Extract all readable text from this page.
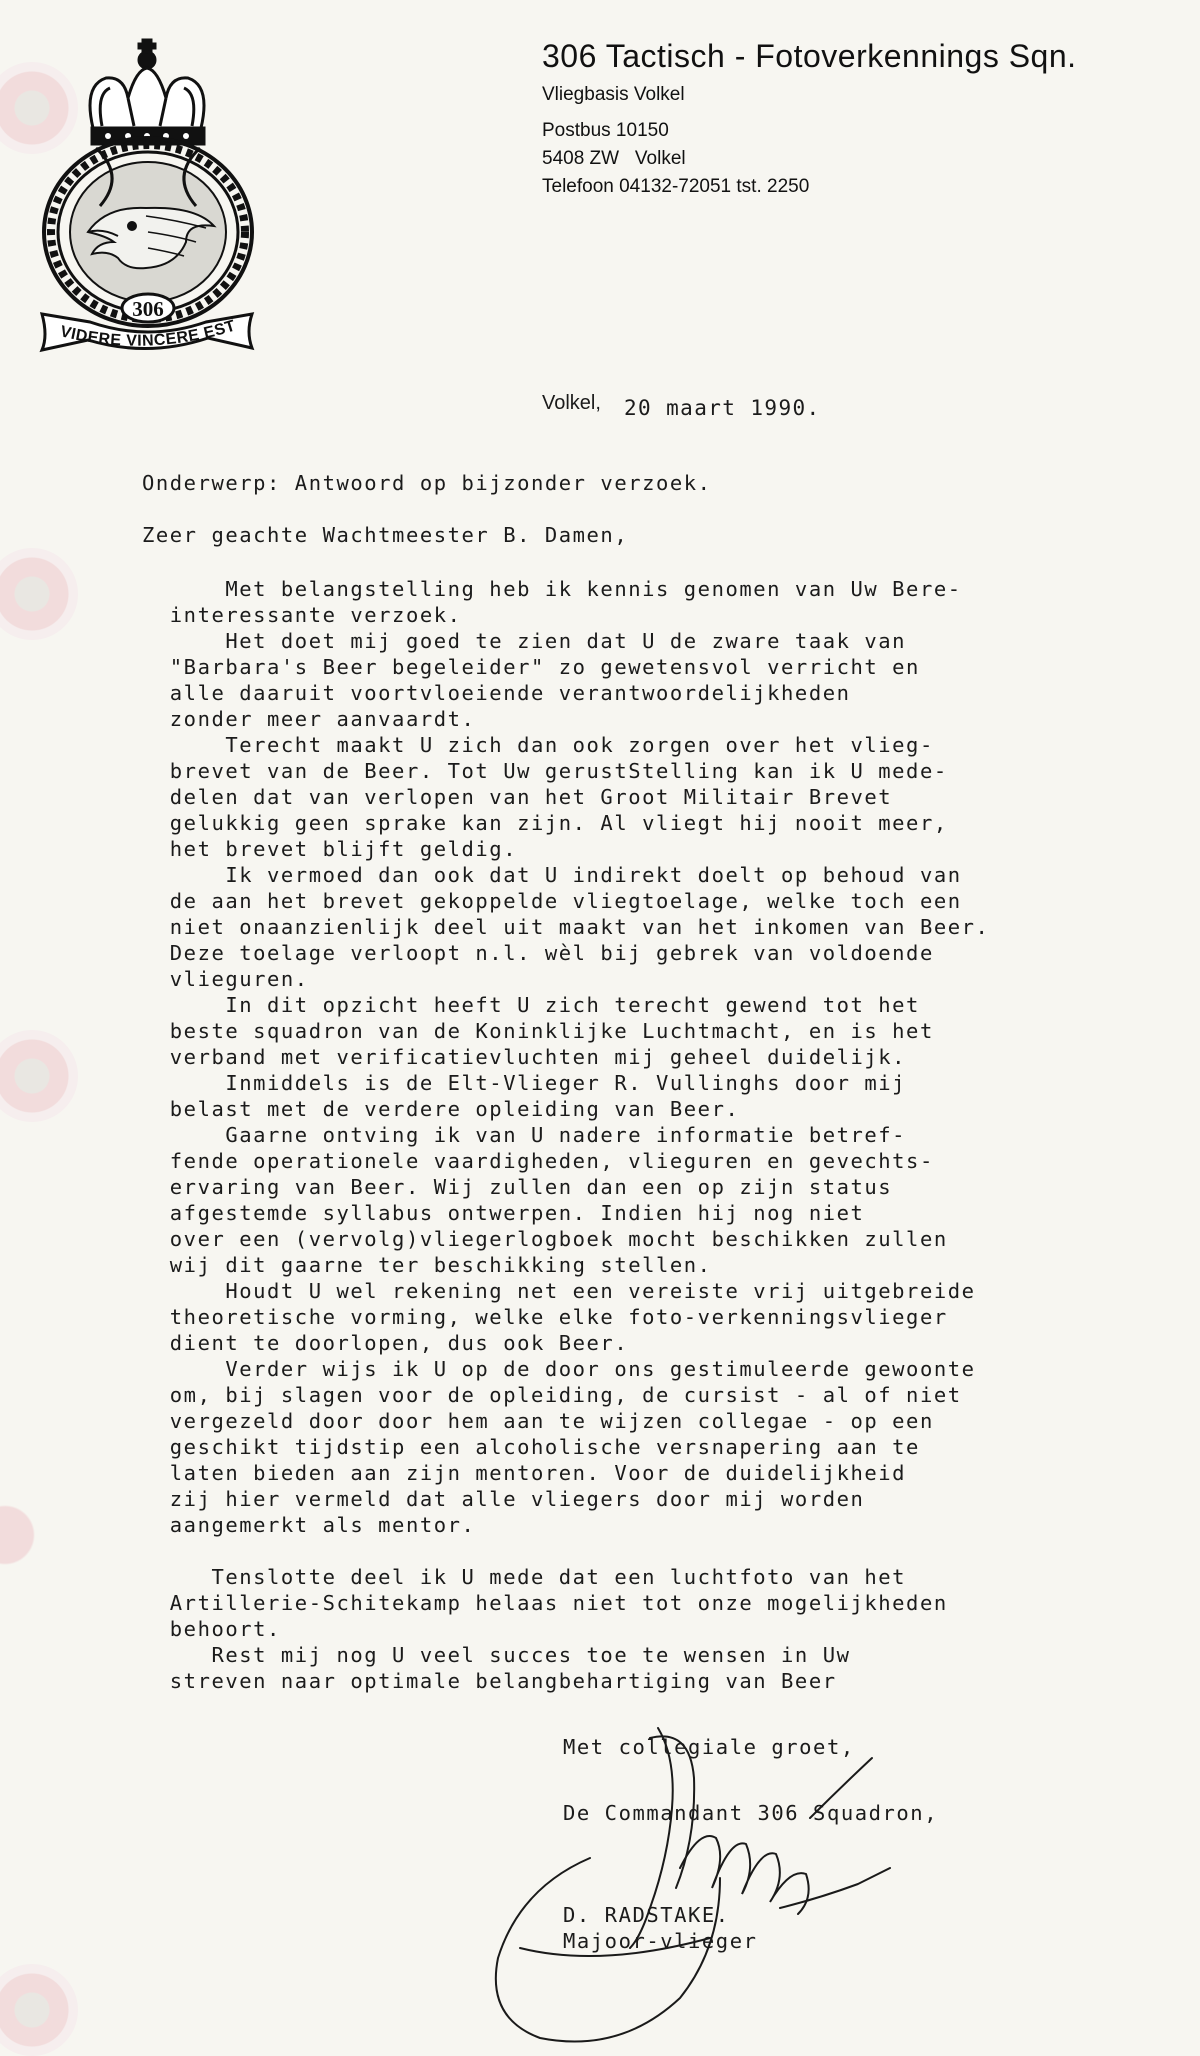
306
VIDERE VINCERE EST
306 Tactisch - Fotoverkennings Sqn.
Vliegbasis Volkel
Postbus 10150
5408 ZW   Volkel
Telefoon 04132-72051 tst. 2250
Volkel, 20 maart 1990.
Onderwerp: Antwoord op bijzonder verzoek.
Zeer geachte Wachtmeester B. Damen,
Met belangstelling heb ik kennis genomen van Uw Bere-
interessante verzoek.
Het doet mij goed te zien dat U de zware taak van
"Barbara's Beer begeleider" zo gewetensvol verricht en
alle daaruit voortvloeiende verantwoordelijkheden
zonder meer aanvaardt.
Terecht maakt U zich dan ook zorgen over het vlieg-
brevet van de Beer. Tot Uw gerustStelling kan ik U mede-
delen dat van verlopen van het Groot Militair Brevet
gelukkig geen sprake kan zijn. Al vliegt hij nooit meer,
het brevet blijft geldig.
Ik vermoed dan ook dat U indirekt doelt op behoud van
de aan het brevet gekoppelde vliegtoelage, welke toch een
niet onaanzienlijk deel uit maakt van het inkomen van Beer.
Deze toelage verloopt n.l. wèl bij gebrek van voldoende
vlieguren.
In dit opzicht heeft U zich terecht gewend tot het
beste squadron van de Koninklijke Luchtmacht, en is het
verband met verificatievluchten mij geheel duidelijk.
Inmiddels is de Elt-Vlieger R. Vullinghs door mij
belast met de verdere opleiding van Beer.
Gaarne ontving ik van U nadere informatie betref-
fende operationele vaardigheden, vlieguren en gevechts-
ervaring van Beer. Wij zullen dan een op zijn status
afgestemde syllabus ontwerpen. Indien hij nog niet
over een (vervolg)vliegerlogboek mocht beschikken zullen
wij dit gaarne ter beschikking stellen.
Houdt U wel rekening net een vereiste vrij uitgebreide
theoretische vorming, welke elke foto-verkenningsvlieger
dient te doorlopen, dus ook Beer.
Verder wijs ik U op de door ons gestimuleerde gewoonte
om, bij slagen voor de opleiding, de cursist - al of niet
vergezeld door door hem aan te wijzen collegae - op een
geschikt tijdstip een alcoholische versnapering aan te
laten bieden aan zijn mentoren. Voor de duidelijkheid
zij hier vermeld dat alle vliegers door mij worden
aangemerkt als mentor.
Tenslotte deel ik U mede dat een luchtfoto van het
Artillerie-Schitekamp helaas niet tot onze mogelijkheden
behoort.
Rest mij nog U veel succes toe te wensen in Uw
streven naar optimale belangbehartiging van Beer
Met collegiale groet,
De Commandant 306 Squadron,
D. RADSTAKE.
Majoor-vlieger
